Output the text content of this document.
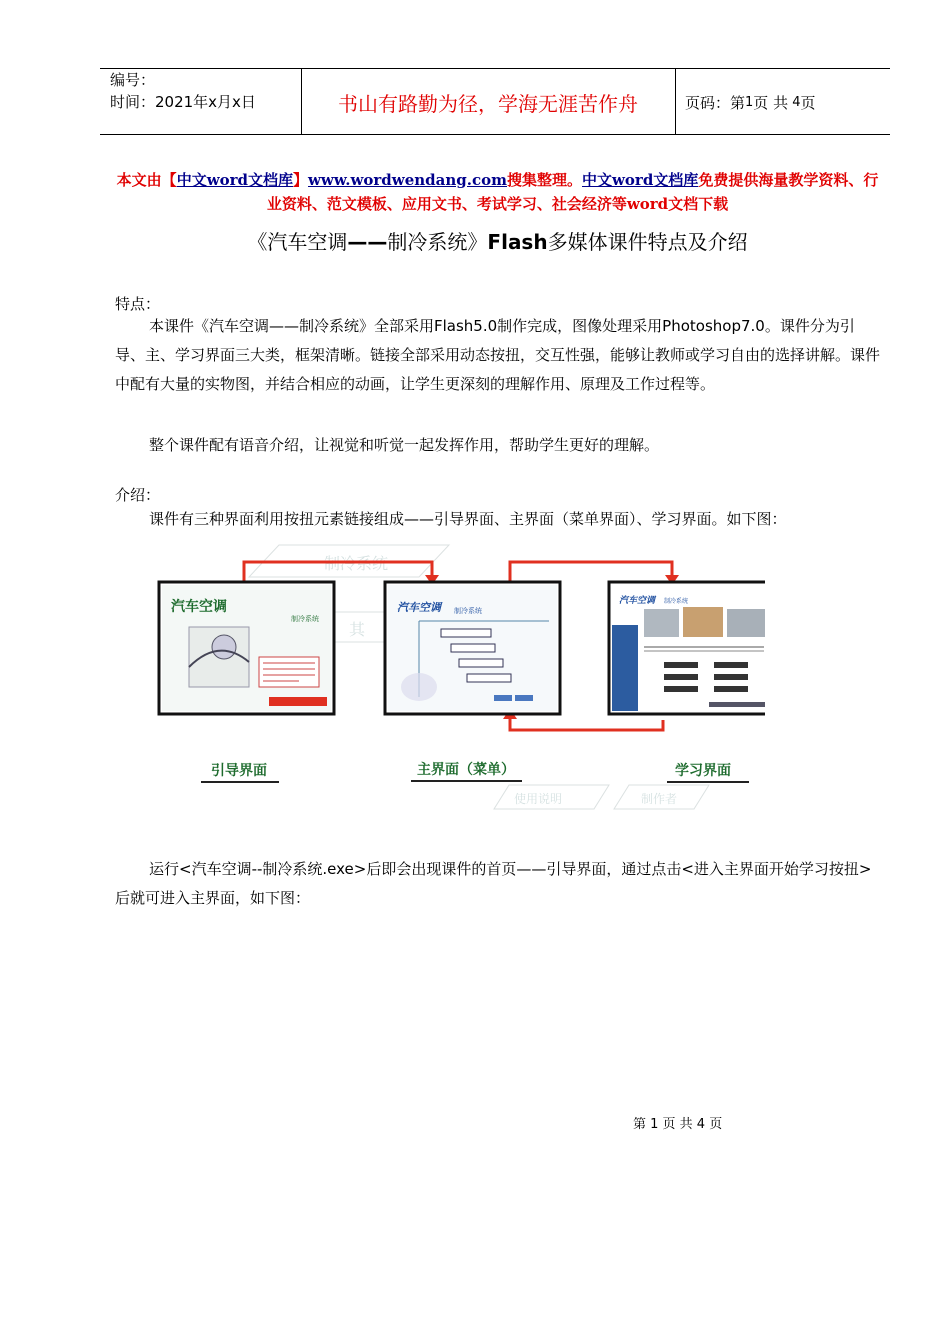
编号：
时间：2021年x月x日	书山有路勤为径，学海无涯苦作舟	页码：第 1 页 共
4 页
本文由【中文word文档库】www.wordwendang.com搜集整理。中文word文档库免费提供海量教学资料、行业资料、范文模板、应用文书、考试学习、社会经济等word文档下载
《汽车空调——制冷系统》Flash多媒体课件特点及介绍
特点：
本课件《汽车空调——制冷系统》全部采用Flash5.0制作完成，图像处理采用Photoshop7.0。课件分为引导、主、学习界面三大类，框架清晰。链接全部采用动态按扭，交互性强，能够让教师或学习自由的选择讲解。课件中配有大量的实物图，并结合相应的动画，让学生更深刻的理解作用、原理及工作过程等。
整个课件配有语音介绍，让视觉和听觉一起发挥作用，帮助学生更好的理解。
介绍：
课件有三种界面利用按扭元素链接组成——引导界面、主界面（菜单界面）、学习界面。如下图：
制冷系统
其
使用说明	制作者
汽车空调
制冷系统
汽车空调 制冷系统
汽车空调	制冷系统
引导界面	主界面（菜单）	学习界面
运行<汽车空调--制冷系统.exe>后即会出现课件的首页——引导界面，通过点击<进入主界面开始学习按扭>后就可进入主界面，如下图：
第 1 页 共 4 页
